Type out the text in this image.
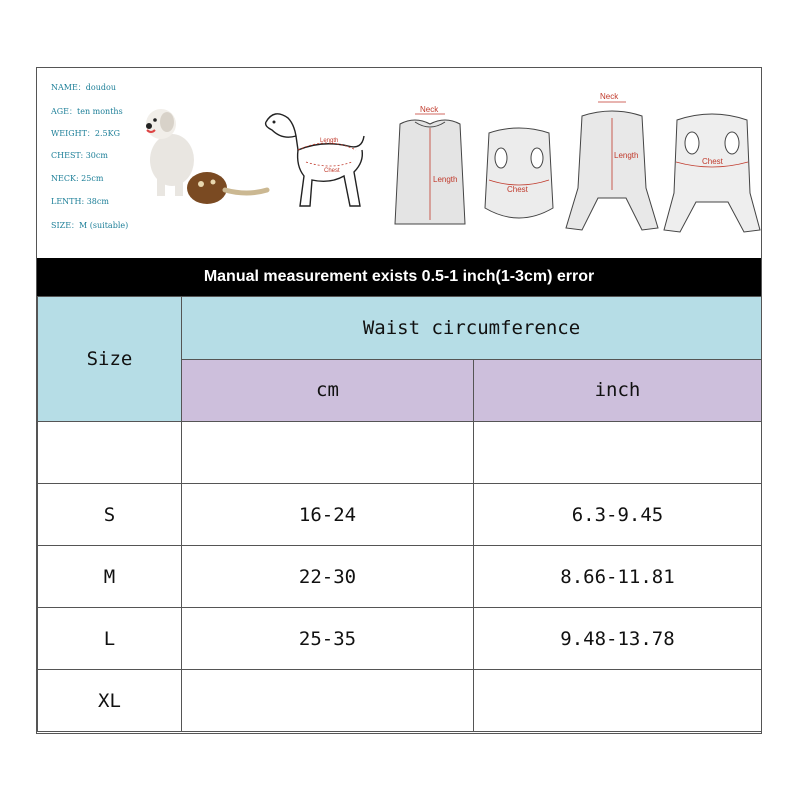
NAME：doudou
AGE：ten months
WEIGHT：2.5KG
CHEST: 30cm
NECK: 25cm
LENTH: 38cm
SIZE：M (suitable)
Length
Chest
Neck
Length
Chest
Neck
Length
Chest
Manual measurement exists 0.5-1 inch(1-3cm) error
Size	Waist circumference	
	cm	inch

S	16-24	6.3-9.45
M	22-30	8.66-11.81
L	25-35	9.48-13.78
XL		
